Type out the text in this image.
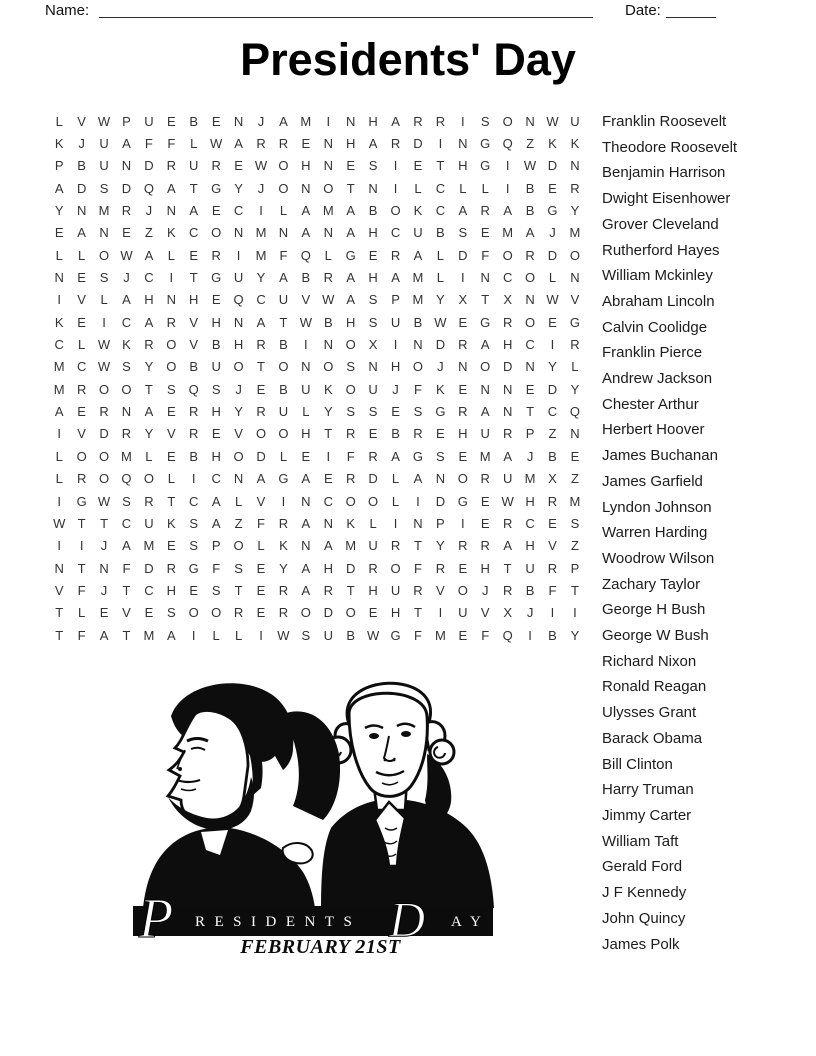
Name:	Date:
Presidents' Day
L	V W P	U	E	B	E	N	J	A M	I	N	H	A	R	R	I	S	O N W U
K	J	U	A	F	F	L W A	R	R	E	N	H	A	R	D	I	N G Q	Z	K	K
P	B	U	N	D	R	U	R	E W O H	N	E	S	I	E	T	H G	I	W D	N
A	D	S	D Q	A	T	G	Y	J	O N O	T	N	I	L	C	L	L	I	B	E	R
Y	N M R	J	N	A	E	C	I	L	A M A	B	O	K	C	A	R	A	B	G	Y
E	A	N	E	Z	K	C O N M N	A	N	A	H	C	U	B	S	E M A	J	M
L	L	O W A	L	E	R	I	M	F	Q	L	G	E	R	A	L	D	F	O R	D O
N	E	S	J	C	I	T	G U	Y	A	B	R	A	H	A M	L	I	N	C O	L	N
I	V	L	A	H	N	H	E	Q C	U	V W A	S	P M Y	X	T	X	N W V
K	E	I	C	A	R	V	H	N	A	T W B	H	S	U	B W E	G R O	E	G
C	L W K	R O	V	B	H	R	B	I	N O	X	I	N	D	R	A	H	C	I	R
M C W S	Y	O	B	U O	T	O N O	S	N	H O	J	N O D	N	Y	L
M R O O	T	S	Q	S	J	E	B	U	K	O U	J	F	K	E	N	N	E	D	Y
A	E	R	N	A	E	R	H	Y	R	U	L	Y	S	S	E	S	G R	A	N	T	C Q
I	V	D	R	Y	V	R	E	V	O O H	T	R	E	B	R	E	H	U	R	P	Z	N
L	O O M	L	E	B	H O D	L	E	I	F	R	A	G	S	E M A	J	B	E
L	R O Q O	L	I	C	N	A	G	A	E	R	D	L	A	N O R	U M X	Z
I	G W S	R	T	C	A	L	V	I	N	C O O	L	I	D G	E W H	R M
W T	T	C	U	K	S	A	Z	F	R	A	N	K	L	I	N	P	I	E	R	C	E	S
I	I	J	A M E	S	P	O	L	K	N	A M U	R	T	Y	R	R	A	H	V	Z
N	T	N	F	D	R G	F	S	E	Y	A	H	D	R O	F	R	E	H	T	U	R	P
V	F	J	T	C	H	E	S	T	E	R	A	R	T	H	U	R	V	O	J	R	B	F	T
T	L	E	V	E	S	O O R	E	R O D O	E	H	T	I	U	V	X	J	I	I
T	F	A	T	M A	I	L	L	I	W S	U	B W G	F	M E	F	Q	I	B	Y
Franklin Roosevelt
Theodore Roosevelt
Benjamin Harrison
Dwight Eisenhower
Grover Cleveland
Rutherford Hayes
William Mckinley
Abraham Lincoln
Calvin Coolidge
Franklin Pierce
Andrew Jackson
Chester Arthur
Herbert Hoover
James Buchanan
James Garfield
Lyndon Johnson
Warren Harding
Woodrow Wilson
Zachary Taylor
George H Bush
George W Bush
Richard Nixon
Ronald Reagan
Ulysses Grant
Barack Obama
Bill Clinton
Harry Truman
Jimmy Carter
William Taft
Gerald Ford
J F Kennedy
John Quincy
James Polk
P RESIDENTS D AY
FEBRUARY 21ST
